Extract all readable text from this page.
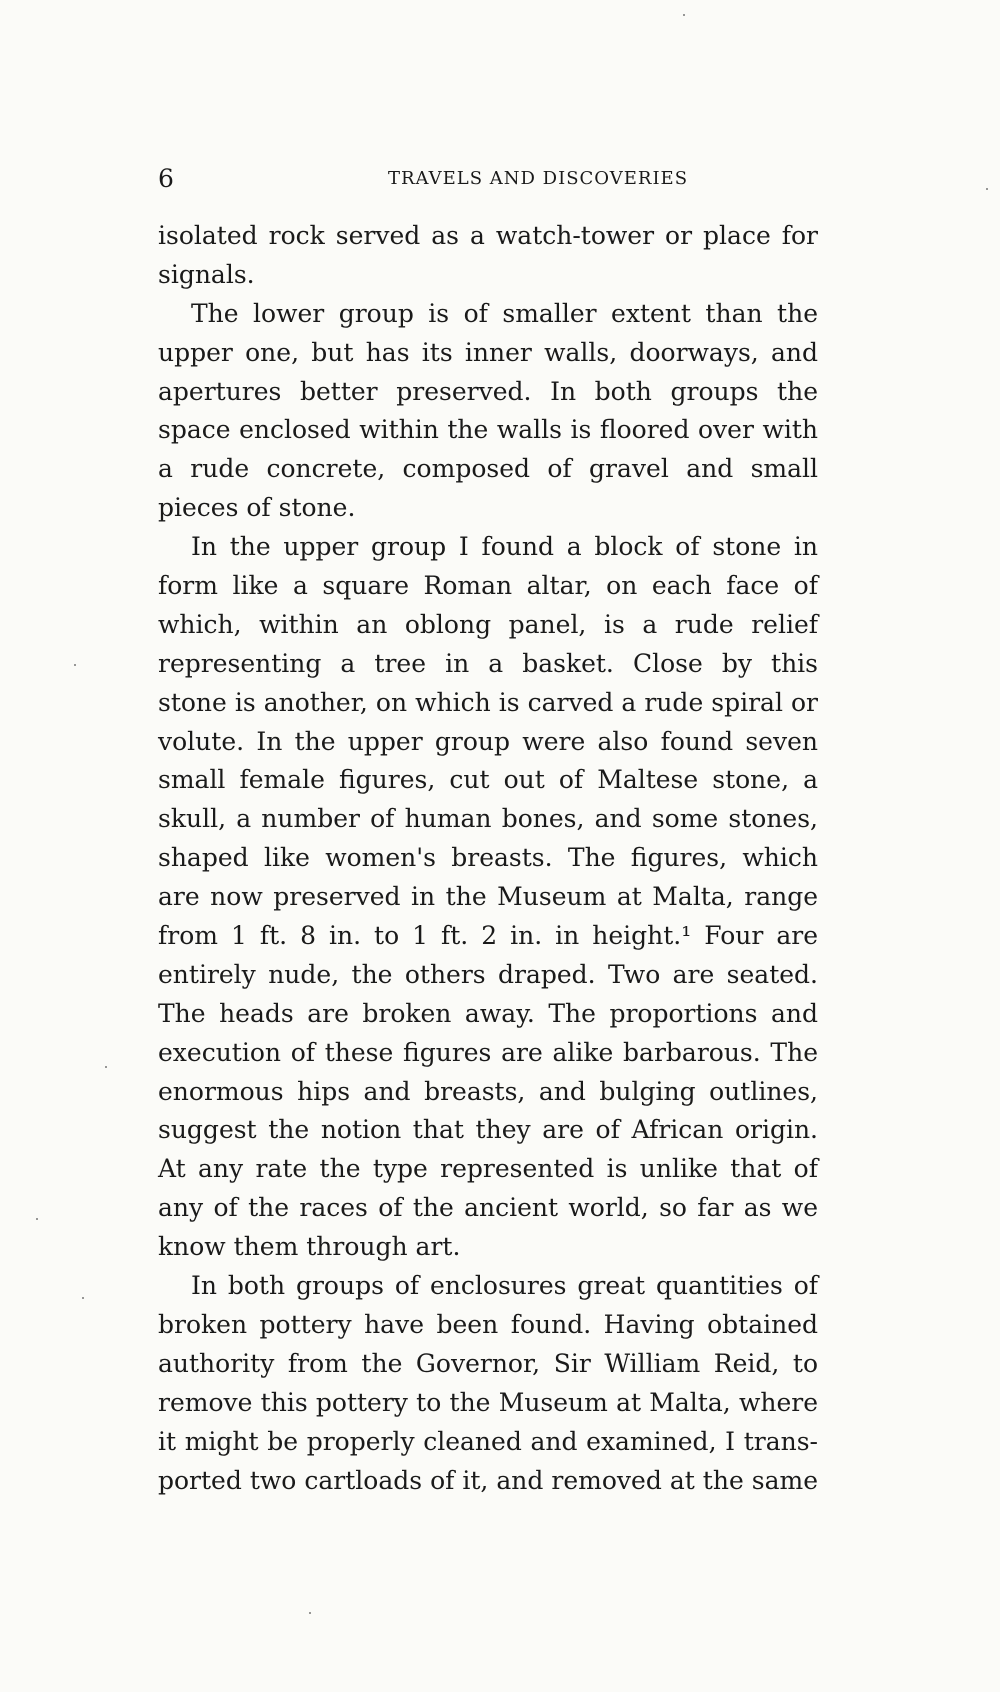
6	TRAVELS AND DISCOVERIES
isolated rock served as a watch-tower or place for
signals.
The lower group is of smaller extent than the
upper one, but has its inner walls, doorways, and
apertures better preserved. In both groups the
space enclosed within the walls is floored over with
a rude concrete, composed of gravel and small
pieces of stone.
In the upper group I found a block of stone in
form like a square Roman altar, on each face of
which, within an oblong panel, is a rude relief
representing a tree in a basket. Close by this
stone is another, on which is carved a rude spiral or
volute. In the upper group were also found seven
small female figures, cut out of Maltese stone, a
skull, a number of human bones, and some stones,
shaped like women's breasts. The figures, which
are now preserved in the Museum at Malta, range
from 1 ft. 8 in. to 1 ft. 2 in. in height.¹ Four are
entirely nude, the others draped. Two are seated.
The heads are broken away. The proportions and
execution of these figures are alike barbarous. The
enormous hips and breasts, and bulging outlines,
suggest the notion that they are of African origin.
At any rate the type represented is unlike that of
any of the races of the ancient world, so far as we
know them through art.
In both groups of enclosures great quantities of
broken pottery have been found. Having obtained
authority from the Governor, Sir William Reid, to
remove this pottery to the Museum at Malta, where
it might be properly cleaned and examined, I trans-
ported two cartloads of it, and removed at the same
